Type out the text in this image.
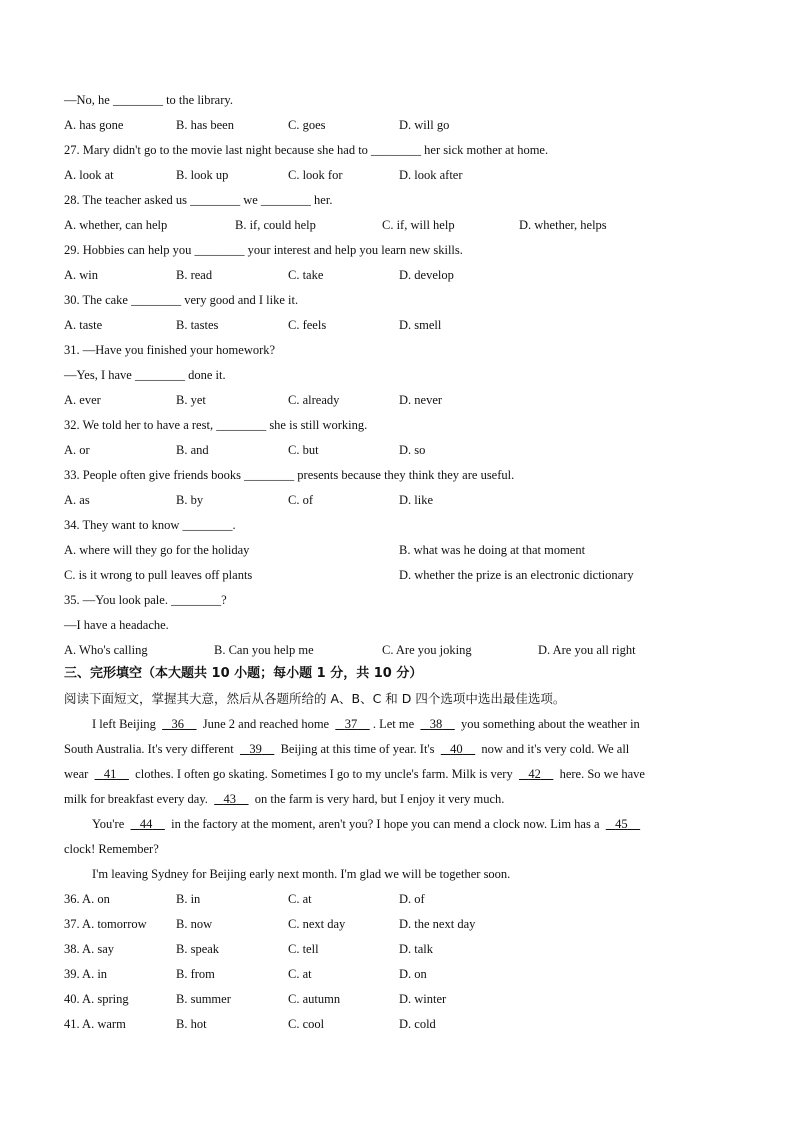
—No, he ________ to the library.
A. has gone	B. has been	C. goes	D. will go
27. Mary didn't go to the movie last night because she had to ________ her sick mother at home.
A. look at	B. look up	C. look for	D. look after
28. The teacher asked us ________ we ________ her.
A. whether, can help	B. if, could help	C. if, will help	D. whether, helps
29. Hobbies can help you ________ your interest and help you learn new skills.
A. win	B. read	C. take	D. develop
30. The cake ________ very good and I like it.
A. taste	B. tastes	C. feels	D. smell
31. —Have you finished your homework?
—Yes, I have ________ done it.
A. ever	B. yet	C. already	D. never
32. We told her to have a rest, ________ she is still working.
A. or	B. and	C. but	D. so
33. People often give friends books ________ presents because they think they are useful.
A. as	B. by	C. of	D. like
34. They want to know ________.
A. where will they go for the holiday	B. what was he doing at that moment
C. is it wrong to pull leaves off plants	D. whether the prize is an electronic dictionary
35. —You look pale. ________?
—I have a headache.
A. Who's calling	B. Can you help me	C. Are you joking	D. Are you all right
三、完形填空（本大题共 10 小题；每小题 1 分，共 10 分）
阅读下面短文，掌握其大意，然后从各题所给的 A、B、C 和 D 四个选项中选出最佳选项。
I left Beijing 36 June 2 and reached home 37 . Let me 38 you something about the weather in
South Australia. It's very different 39 Beijing at this time of year. It's 40 now and it's very cold. We all
wear 41 clothes. I often go skating. Sometimes I go to my uncle's farm. Milk is very 42 here. So we have
milk for breakfast every day. 43 on the farm is very hard, but I enjoy it very much.
You're 44 in the factory at the moment, aren't you? I hope you can mend a clock now. Lim has a 45
clock! Remember?
I'm leaving Sydney for Beijing early next month. I'm glad we will be together soon.
36. A. on	B. in	C. at	D. of
37. A. tomorrow B. now	C. next day	D. the next day
38. A. say	B. speak	C. tell	D. talk
39. A. in	B. from	C. at	D. on
40. A. spring	B. summer	C. autumn	D. winter
41. A. warm	B. hot	C. cool	D. cold
